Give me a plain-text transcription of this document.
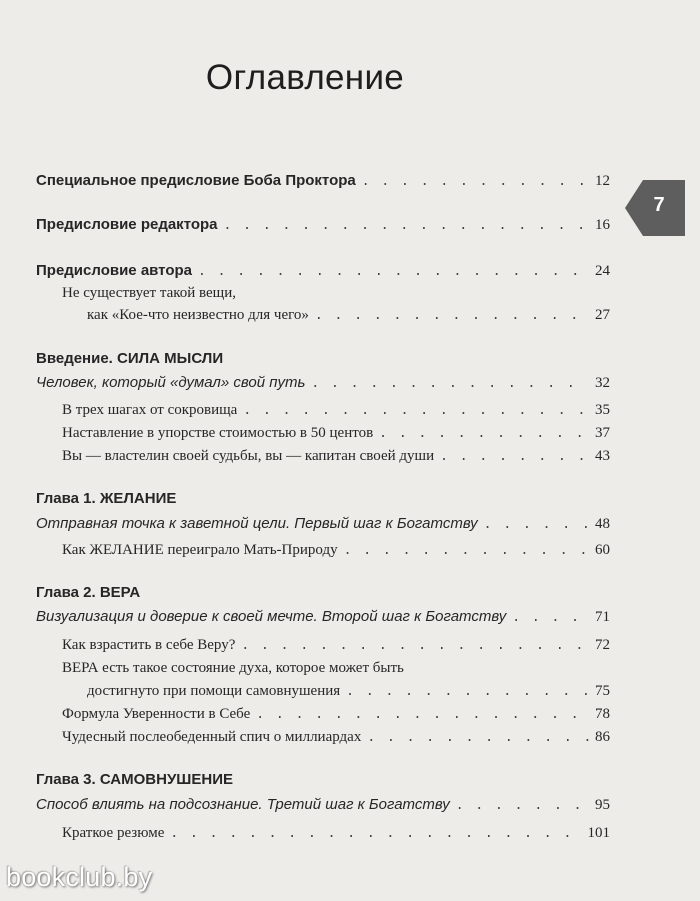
Оглавление
7
Специальное предисловие Боба Проктора . . .	12
Предисловие редактора . . .	16
Предисловие автора . . .	24
Не существует такой вещи,
как «Кое-что неизвестно для чего» . . .	27
Введение. СИЛА МЫСЛИ
Человек, который «думал» свой путь . . .	32
В трех шагах от сокровища . . .	35
Наставление в упорстве стоимостью в 50 центов . . .	37
Вы — властелин своей судьбы, вы — капитан своей души . . .	43
Глава 1. ЖЕЛАНИЕ
Отправная точка к заветной цели. Первый шаг к Богатству . . .	48
Как ЖЕЛАНИЕ переиграло Мать-Природу . . .	60
Глава 2. ВЕРА
Визуализация и доверие к своей мечте. Второй шаг к Богатству . . .	71
Как взрастить в себе Веру? . . .	72
ВЕРА есть такое состояние духа, которое может быть
достигнуто при помощи самовнушения . . .	75
Формула Уверенности в Себе . . .	78
Чудесный послеобеденный спич о миллиардах . . .	86
Глава 3. САМОВНУШЕНИЕ
Способ влиять на подсознание. Третий шаг к Богатству . . .	95
Краткое резюме . . .	101
bookclub.by
